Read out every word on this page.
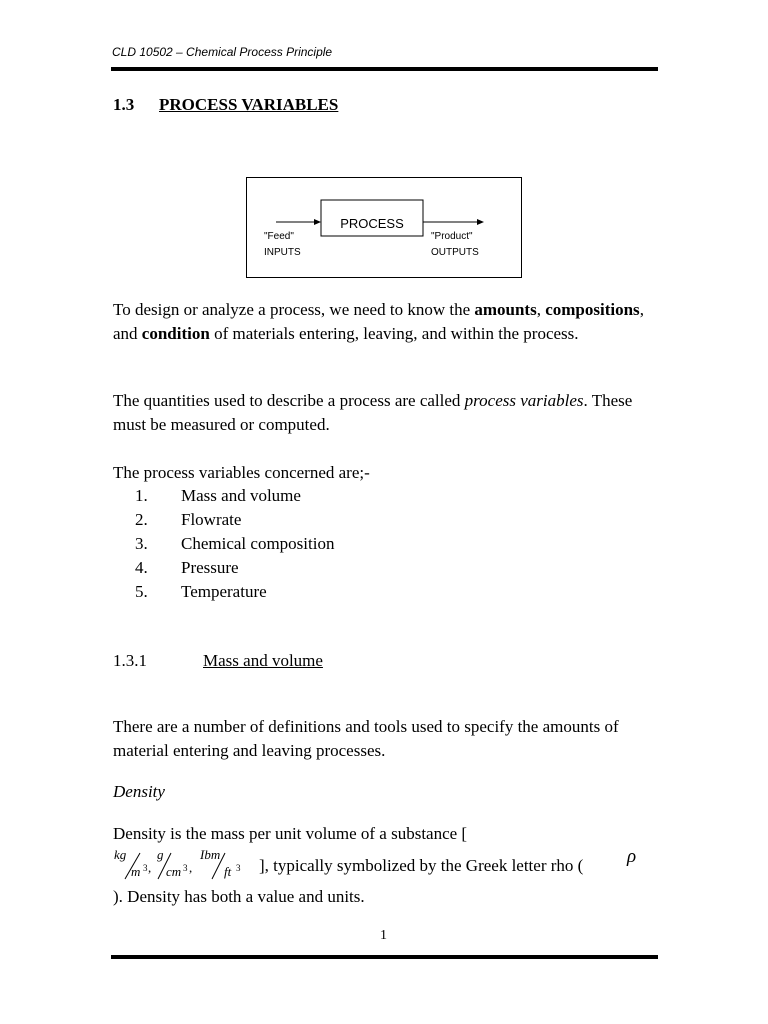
CLD 10502 – Chemical Process Principle
1.3 PROCESS VARIABLES
PROCESS
"Feed"
INPUTS
"Product"
OUTPUTS

To design or analyze a process, we need to know the amounts, compositions, and condition of materials entering, leaving, and within the process.

The quantities used to describe a process are called process variables. These must be measured or computed.

The process variables concerned are;-

1. Mass and volume
2. Flowrate
3. Chemical composition
4. Pressure
5. Temperature
1.3.1	Mass and volume

There are a number of definitions and tools used to specify the amounts of material entering and leaving processes.

Density

Density is the mass per unit volume of a substance [

kg
m 3 ,
g
cm 3 ,
Ibm
ft 3 ], typically symbolized by the Greek letter rho ( ρ

). Density has both a value and units.

1
